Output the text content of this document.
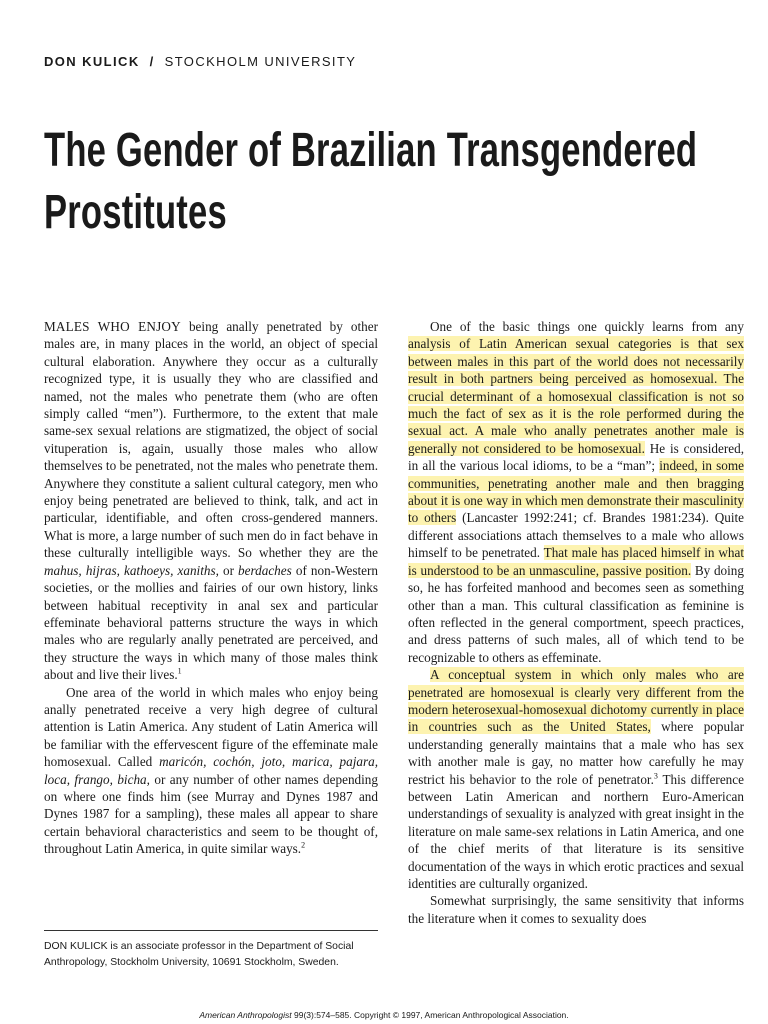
DON KULICK / STOCKHOLM UNIVERSITY
The Gender of Brazilian Transgendered Prostitutes

MALES WHO ENJOY being anally penetrated by other males are, in many places in the world, an object of special cultural elaboration. Anywhere they occur as a culturally recognized type, it is usually they who are classified and named, not the males who penetrate them (who are often simply called “men”). Furthermore, to the extent that male same-sex sexual relations are stigmatized, the object of social vituperation is, again, usually those males who allow themselves to be penetrated, not the males who penetrate them. Anywhere they constitute a salient cultural category, men who enjoy being penetrated are believed to think, talk, and act in particular, identifiable, and often cross-gendered manners. What is more, a large number of such men do in fact behave in these culturally intelligible ways. So whether they are the mahus, hijras, kathoeys, xaniths, or berdaches of non-Western societies, or the mollies and fairies of our own history, links between habitual receptivity in anal sex and particular effeminate behavioral patterns structure the ways in which males who are regularly anally penetrated are perceived, and they structure the ways in which many of those males think about and live their lives.$^1$

One area of the world in which males who enjoy being anally penetrated receive a very high degree of cultural attention is Latin America. Any student of Latin America will be familiar with the effervescent figure of the effeminate male homosexual. Called maricón, cochón, joto, marica, pajara, loca, frango, bicha, or any number of other names depending on where one finds him (see Murray and Dynes 1987 and Dynes 1987 for a sampling), these males all appear to share certain behavioral characteristics and seem to be thought of, throughout Latin America, in quite similar ways.$^2$

One of the basic things one quickly learns from any analysis of Latin American sexual categories is that sex between males in this part of the world does not necessarily result in both partners being perceived as homosexual. The crucial determinant of a homosexual classification is not so much the fact of sex as it is the role performed during the sexual act. A male who anally penetrates another male is generally not considered to be homosexual. He is considered, in all the various local idioms, to be a “man”; indeed, in some communities, penetrating another male and then bragging about it is one way in which men demonstrate their masculinity to others (Lancaster 1992:241; cf. Brandes 1981:234). Quite different associations attach themselves to a male who allows himself to be penetrated. That male has placed himself in what is understood to be an unmasculine, passive position. By doing so, he has forfeited manhood and becomes seen as something other than a man. This cultural classification as feminine is often reflected in the general comportment, speech practices, and dress patterns of such males, all of which tend to be recognizable to others as effeminate.

A conceptual system in which only males who are penetrated are homosexual is clearly very different from the modern heterosexual-homosexual dichotomy currently in place in countries such as the United States, where popular understanding generally maintains that a male who has sex with another male is gay, no matter how carefully he may restrict his behavior to the role of penetrator.$^3$ This difference between Latin American and northern Euro-American understandings of sexuality is analyzed with great insight in the literature on male same-sex relations in Latin America, and one of the chief merits of that literature is its sensitive documentation of the ways in which erotic practices and sexual identities are culturally organized.

Somewhat surprisingly, the same sensitivity that informs the literature when it comes to sexuality does

DON KULICK is an associate professor in the Department of Social Anthropology, Stockholm University, 10691 Stockholm, Sweden.
American Anthropologist 99(3):574–585. Copyright © 1997, American Anthropological Association.
